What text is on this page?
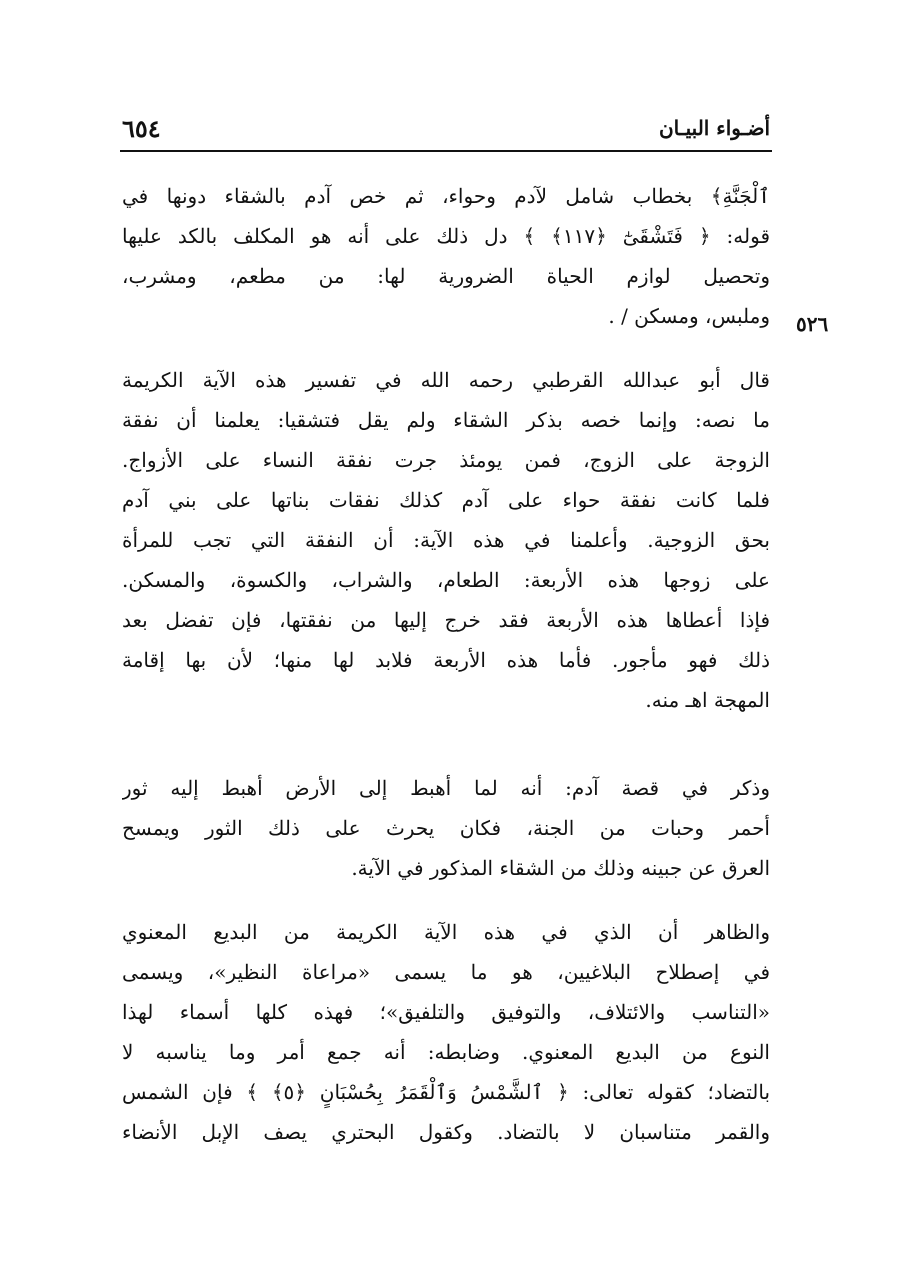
أضـواء البيـان
٦٥٤
٥٢٦
ٱلْجَنَّةِ﴾ بخطاب شامل لآدم وحواء، ثم خص آدم بالشقاء دونها في
قوله: ﴿ فَتَشْقَىٰٓ ﴿١١٧﴾ ﴾ دل ذلك على أنه هو المكلف بالكد عليها
وتحصيل لوازم الحياة الضرورية لها: من مطعم، ومشرب،
وملبس، ومسكن / .
قال أبو عبدالله القرطبي رحمه الله في تفسير هذه الآية الكريمة
ما نصه: وإنما خصه بذكر الشقاء ولم يقل فتشقيا: يعلمنا أن نفقة
الزوجة على الزوج، فمن يومئذ جرت نفقة النساء على الأزواج.
فلما كانت نفقة حواء على آدم كذلك نفقات بناتها على بني آدم
بحق الزوجية. وأعلمنا في هذه الآية: أن النفقة التي تجب للمرأة
على زوجها هذه الأربعة: الطعام، والشراب، والكسوة، والمسكن.
فإذا أعطاها هذه الأربعة فقد خرج إليها من نفقتها، فإن تفضل بعد
ذلك فهو مأجور. فأما هذه الأربعة فلابد لها منها؛ لأن بها إقامة
المهجة اهـ منه.
وذكر في قصة آدم: أنه لما أهبط إلى الأرض أهبط إليه ثور
أحمر وحبات من الجنة، فكان يحرث على ذلك الثور ويمسح
العرق عن جبينه وذلك من الشقاء المذكور في الآية.
والظاهر أن الذي في هذه الآية الكريمة من البديع المعنوي
في إصطلاح البلاغيين، هو ما يسمى «مراعاة النظير»، ويسمى
«التناسب والائتلاف، والتوفيق والتلفيق»؛ فهذه كلها أسماء لهذا
النوع من البديع المعنوي. وضابطه: أنه جمع أمر وما يناسبه لا
بالتضاد؛ كقوله تعالى: ﴿ ٱلشَّمْسُ وَٱلْقَمَرُ بِحُسْبَانٍ ﴿٥﴾ ﴾ فإن الشمس
والقمر متناسبان لا بالتضاد. وكقول البحتري يصف الإبل الأنضاء
